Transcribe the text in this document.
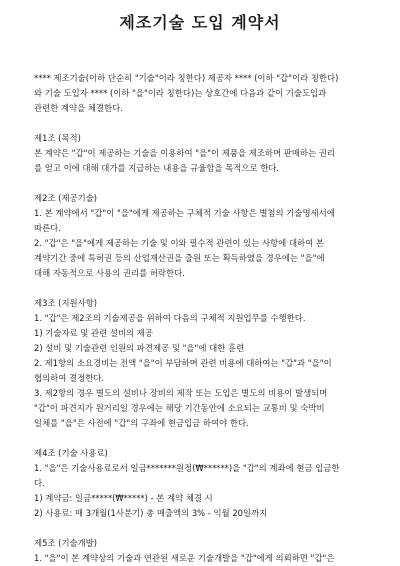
제조기술 도입 계약서

**** 제조기술(이하 단순히 "기술"이라 칭한다) 제공자 **** (이하 "갑"이라 칭한다)
와 기술 도입자 **** (이하 "을"이라 칭한다)는 상호간에 다음과 같이 기술도입과
관련한 계약을 체결한다.

제1조 (목적)

본 계약은 "갑"이 제공하는 기술을 이용하여 "을"이 제품을 제조하며 판매하는 권리
를 얻고 이에 대해 대가를 지급하는 내용을 규율함을 목적으로 한다.

제2조 (제공기술)

1. 본 계약에서 "갑"이 "을"에게 제공하는 구체적 기술 사항은 별첨의 기술명세서에
따른다.
2. "갑"은 "을"에게 제공하는 기술 및 이와 필수적 관련이 있는 사항에 대하여 본
계약기간 중에 특허권 등의 산업재산권을 출원 또는 획득하였을 경우에는 "을"에
대해 자동적으로 사용의 권리를 허락한다.

제3조 (지원사항)

1. "갑"은 제2조의 기술제공을 위하여 다음의 구체적 지원업무를 수행한다.
1) 기술자료 및 관련 설비의 제공
2) 설비 및 기술관련 인원의 파견제공 및 "을"에 대한 훈련
2. 제1항의 소요경비는 전액 "을"이 부담하며 관련 비용에 대하여는 "갑"과 "을"이
협의하여 결정한다.
3. 제2항의 경우 별도의 설비나 장비의 제작 또는 도입은 별도의 비용이 발생되며
"갑"이 파견지가 원거리일 경우에는 해당 기간동안에 소요되는 교통비 및 숙박비
일체를 "을"은 사전에 "갑"의 구좌에 현금입금 하여야 한다.

제4조 (기술 사용료)

1. "을"은 기술사용료로서 일금*******원정(₩******)을 "갑"의 계좌에 현금 입금한
다.
1) 계약금: 일금*****(₩*****) - 본 계약 체결 시
2) 사용료: 매 3개월(1사분기) 총 매출액의 3% - 익월 20일까지

제5조 (기술개발)

1. "을"이 본 계약상의 기술과 연관된 새로운 기술개발을 "갑"에게 의뢰하면 "갑"은
